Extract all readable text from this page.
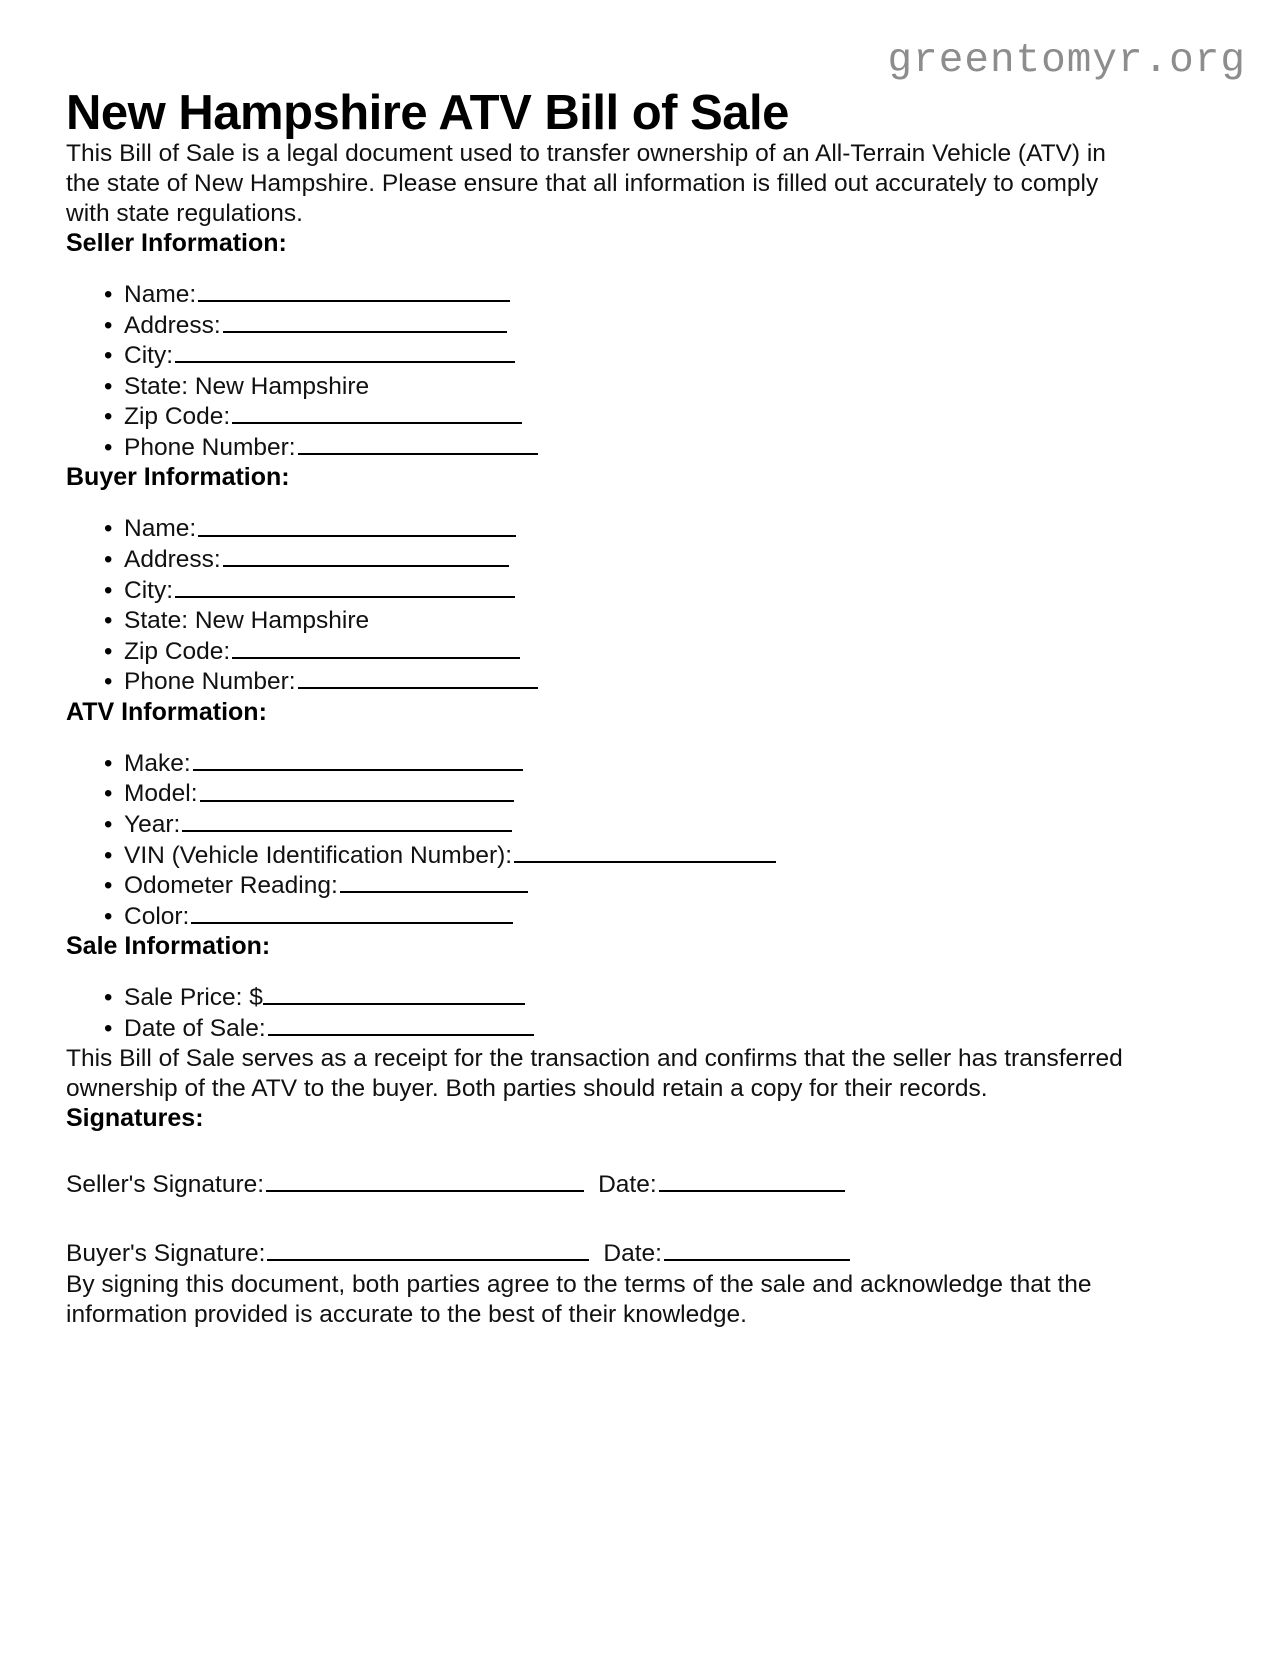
greentomyr.org
New Hampshire ATV Bill of Sale

This Bill of Sale is a legal document used to transfer ownership of an All-Terrain Vehicle (ATV) in the state of New Hampshire. Please ensure that all information is filled out accurately to comply with state regulations.

Seller Information:
• Name:
• Address:
• City:
• State: New Hampshire
• Zip Code:
• Phone Number:
Buyer Information:
• Name:
• Address:
• City:
• State: New Hampshire
• Zip Code:
• Phone Number:
ATV Information:
• Make:
• Model:
• Year:
• VIN (Vehicle Identification Number):
• Odometer Reading:
• Color:
Sale Information:
• Sale Price: $
• Date of Sale:

This Bill of Sale serves as a receipt for the transaction and confirms that the seller has transferred ownership of the ATV to the buyer. Both parties should retain a copy for their records.

Signatures:
Seller's Signature:	Date:
Buyer's Signature:	Date:

By signing this document, both parties agree to the terms of the sale and acknowledge that the information provided is accurate to the best of their knowledge.
